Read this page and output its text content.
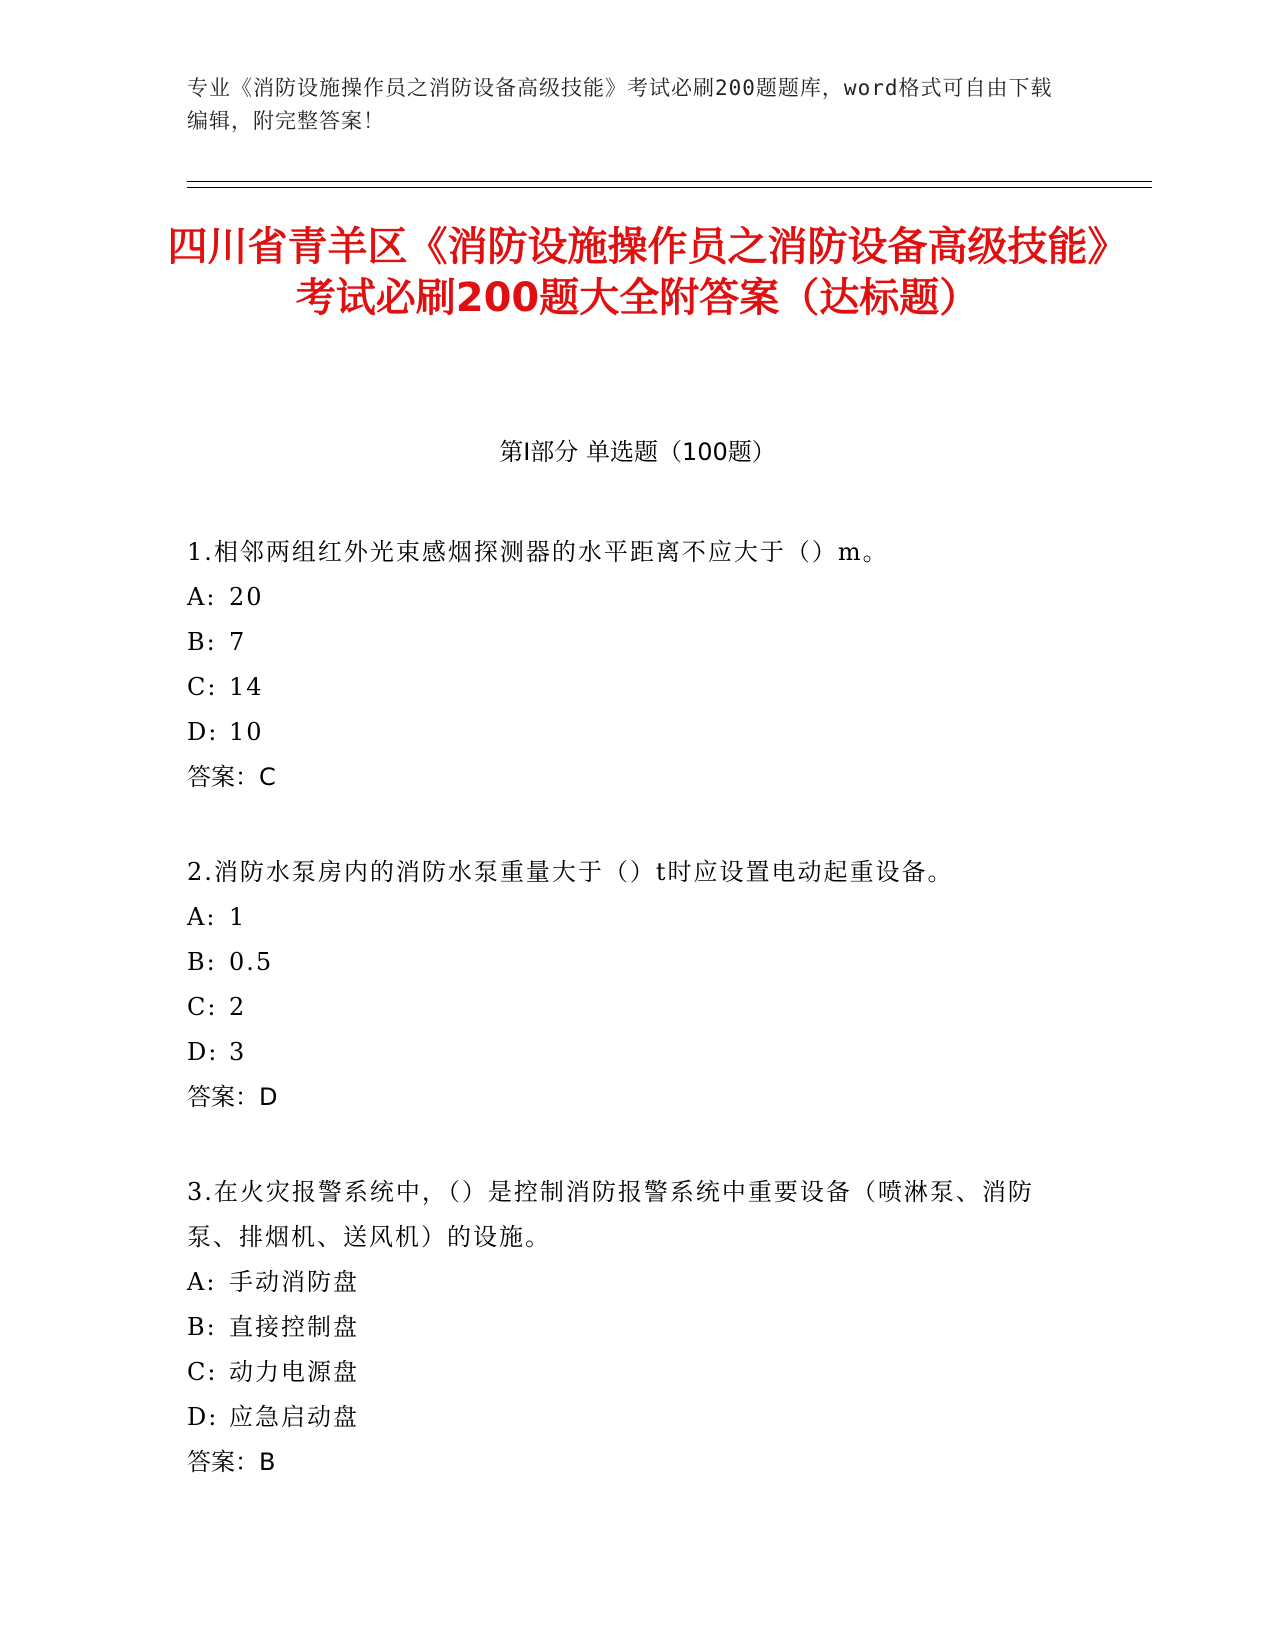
专业《消防设施操作员之消防设备高级技能》考试必刷200题题库，word格式可自由下载编辑，附完整答案！
四川省青羊区《消防设施操作员之消防设备高级技能》考试必刷200题大全附答案（达标题）
第Ⅰ部分 单选题（100题）

1.相邻两组红外光束感烟探测器的水平距离不应大于（）m。

A: 20

B: 7

C: 14

D: 10

答案：C

2.消防水泵房内的消防水泵重量大于（）t时应设置电动起重设备。

A: 1

B: 0.5

C: 2

D: 3

答案：D

3.在火灾报警系统中，（）是控制消防报警系统中重要设备（喷淋泵、消防泵、排烟机、送风机）的设施。

A: 手动消防盘

B: 直接控制盘

C: 动力电源盘

D: 应急启动盘

答案：B
